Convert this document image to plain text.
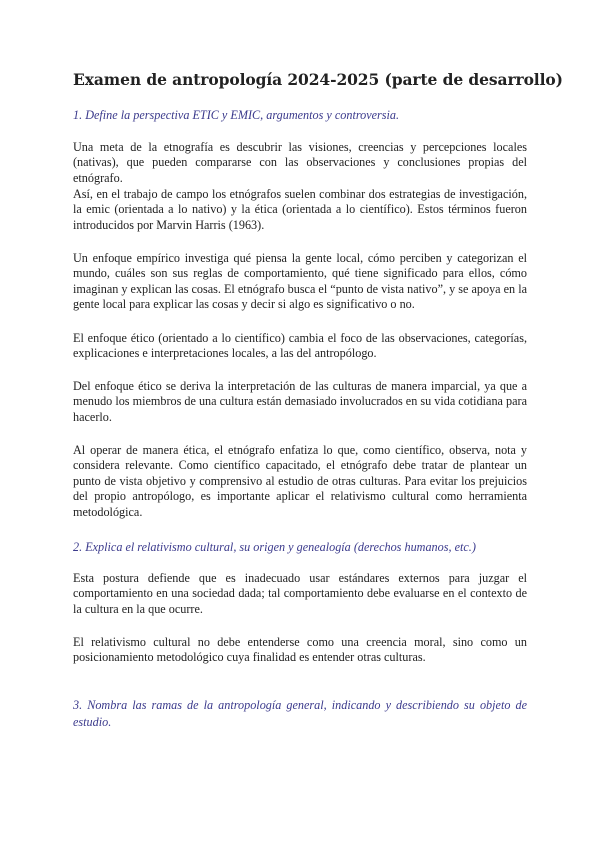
Examen de antropología 2024-2025 (parte de desarrollo)
1. Define la perspectiva ETIC y EMIC, argumentos y controversia.
Una meta de la etnografía es descubrir las visiones, creencias y percepciones locales (nativas), que pueden compararse con las observaciones y conclusiones propias del etnógrafo.
Así, en el trabajo de campo los etnógrafos suelen combinar dos estrategias de investigación, la emic (orientada a lo nativo) y la ética (orientada a lo científico). Estos términos fueron introducidos por Marvin Harris (1963).
Un enfoque empírico investiga qué piensa la gente local, cómo perciben y categorizan el mundo, cuáles son sus reglas de comportamiento, qué tiene significado para ellos, cómo imaginan y explican las cosas. El etnógrafo busca el “punto de vista nativo”, y se apoya en la gente local para explicar las cosas y decir si algo es significativo o no.
El enfoque ético (orientado a lo científico) cambia el foco de las observaciones, categorías, explicaciones e interpretaciones locales, a las del antropólogo.
Del enfoque ético se deriva la interpretación de las culturas de manera imparcial, ya que a menudo los miembros de una cultura están demasiado involucrados en su vida cotidiana para hacerlo.
Al operar de manera ética, el etnógrafo enfatiza lo que, como científico, observa, nota y considera relevante. Como científico capacitado, el etnógrafo debe tratar de plantear un punto de vista objetivo y comprensivo al estudio de otras culturas. Para evitar los prejuicios del propio antropólogo, es importante aplicar el relativismo cultural como herramienta metodológica.
2. Explica el relativismo cultural, su origen y genealogía (derechos humanos, etc.)
Esta postura defiende que es inadecuado usar estándares externos para juzgar el comportamiento en una sociedad dada; tal comportamiento debe evaluarse en el contexto de la cultura en la que ocurre.
El relativismo cultural no debe entenderse como una creencia moral, sino como un posicionamiento metodológico cuya finalidad es entender otras culturas.
3. Nombra las ramas de la antropología general, indicando y describiendo su objeto de estudio.
